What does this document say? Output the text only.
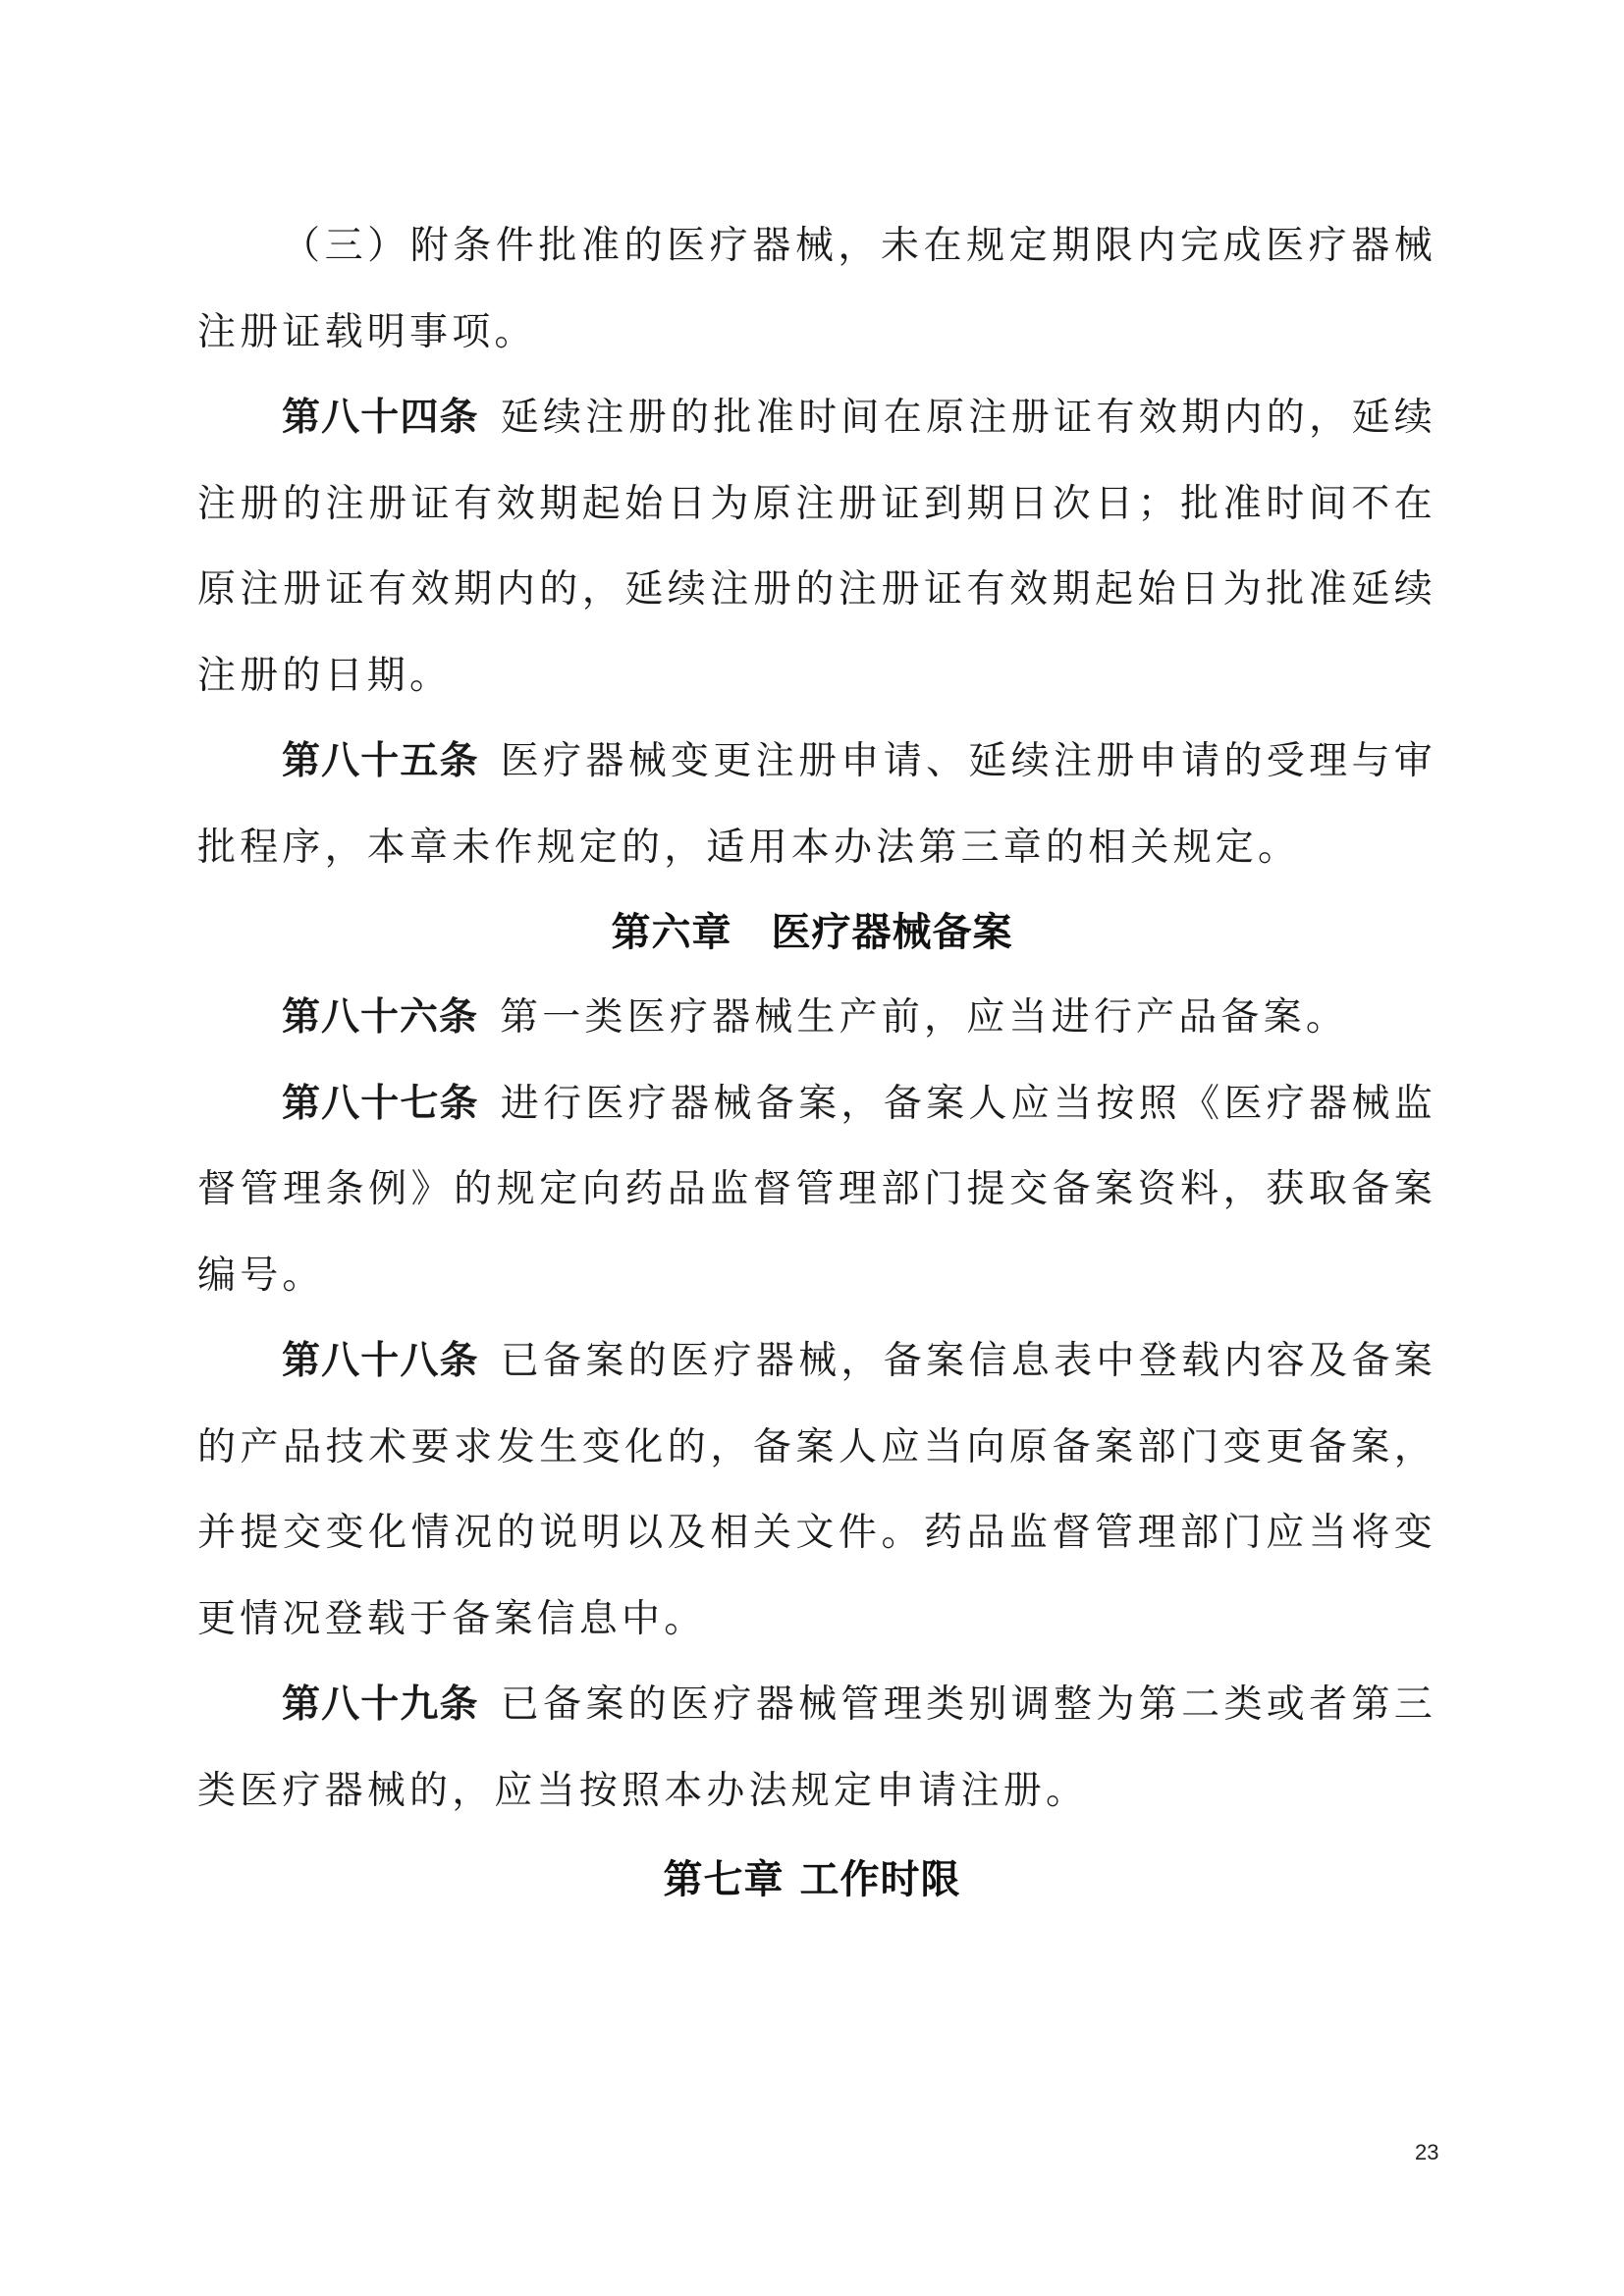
（三）附条件批准的医疗器械，未在规定期限内完成医疗器械注册证载明事项。

第八十四条 延续注册的批准时间在原注册证有效期内的，延续注册的注册证有效期起始日为原注册证到期日次日；批准时间不在原注册证有效期内的，延续注册的注册证有效期起始日为批准延续注册的日期。

第八十五条 医疗器械变更注册申请、延续注册申请的受理与审批程序，本章未作规定的，适用本办法第三章的相关规定。

第六章 医疗器械备案

第八十六条 第一类医疗器械生产前，应当进行产品备案。

第八十七条 进行医疗器械备案，备案人应当按照《医疗器械监督管理条例》的规定向药品监督管理部门提交备案资料，获取备案编号。

第八十八条 已备案的医疗器械，备案信息表中登载内容及备案的产品技术要求发生变化的，备案人应当向原备案部门变更备案，并提交变化情况的说明以及相关文件。药品监督管理部门应当将变更情况登载于备案信息中。

第八十九条 已备案的医疗器械管理类别调整为第二类或者第三类医疗器械的，应当按照本办法规定申请注册。

第七章 工作时限
23
